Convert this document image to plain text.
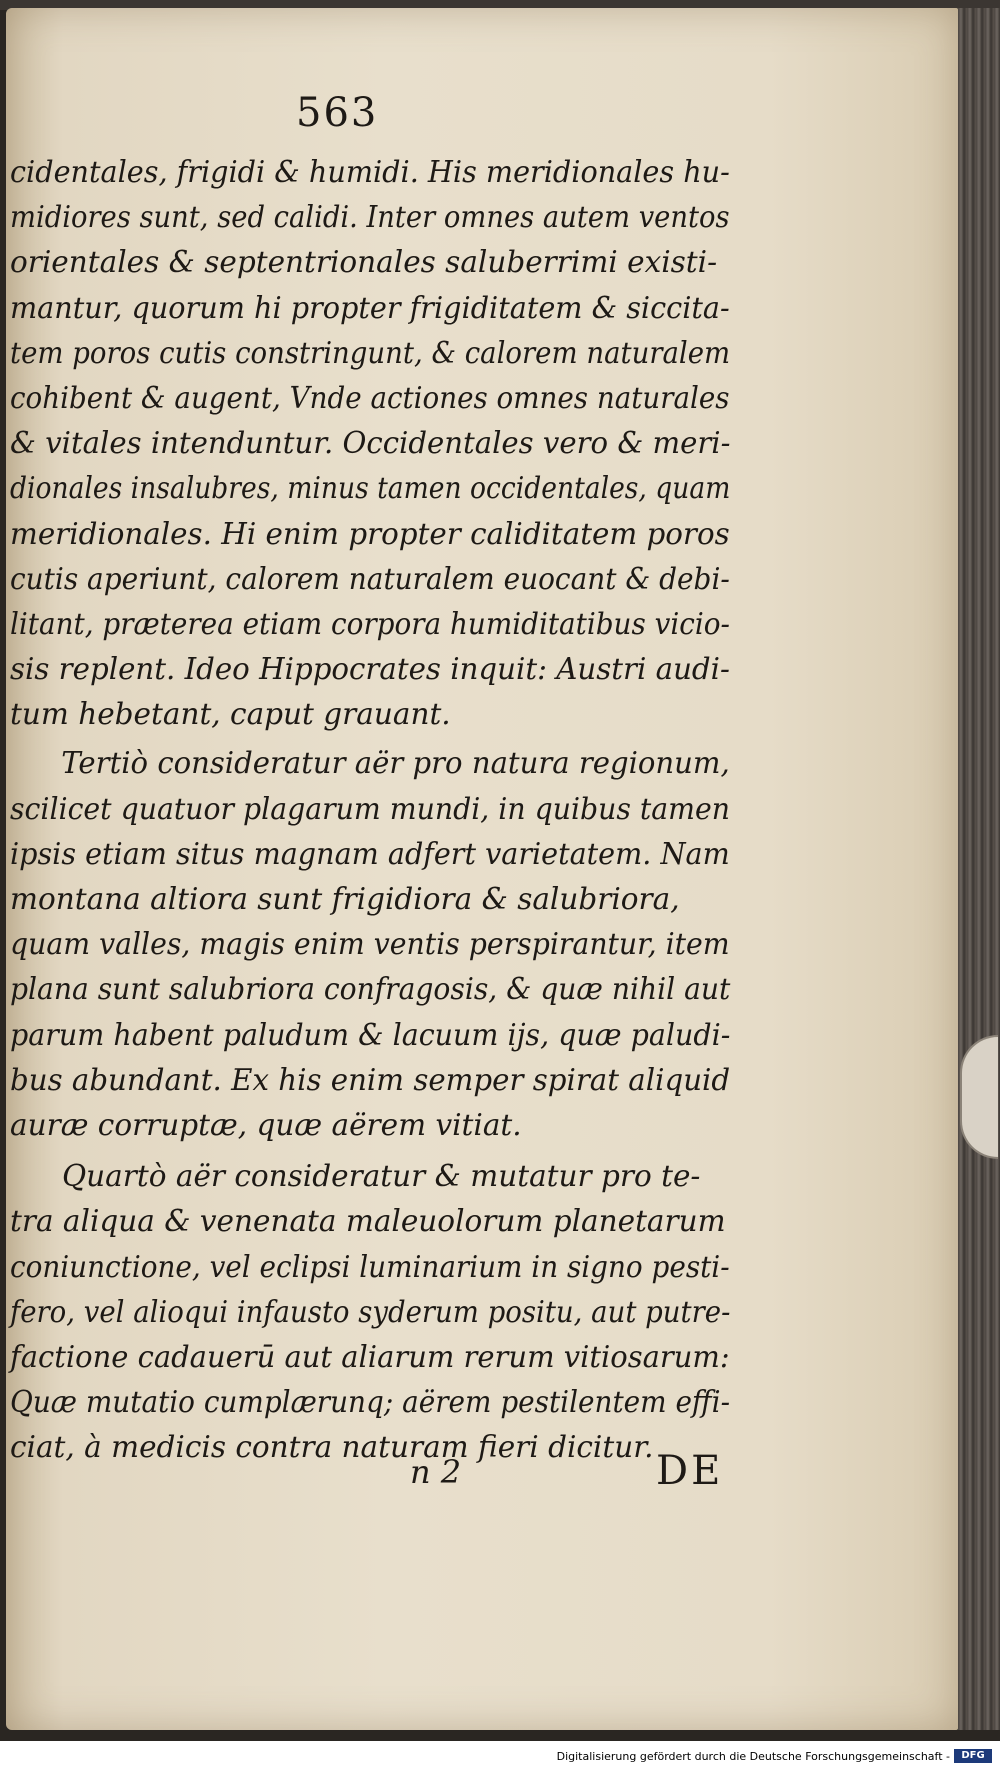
563
cidentales, frigidi & humidi. His meridionales hu-
midiores sunt, sed calidi. Inter omnes autem ventos
orientales & septentrionales saluberrimi existi-
mantur, quorum hi propter frigiditatem & siccita-
tem poros cutis constringunt, & calorem naturalem
cohibent & augent, Vnde actiones omnes naturales
& vitales intenduntur. Occidentales vero & meri-
dionales insalubres, minus tamen occidentales, quam
meridionales. Hi enim propter caliditatem poros
cutis aperiunt, calorem naturalem euocant & debi-
litant, præterea etiam corpora humiditatibus vicio-
sis replent. Ideo Hippocrates inquit: Austri audi-
tum hebetant, caput grauant.
Tertiò consideratur aër pro natura regionum,
scilicet quatuor plagarum mundi, in quibus tamen
ipsis etiam situs magnam adfert varietatem. Nam
montana altiora sunt frigidiora & salubriora,
quam valles, magis enim ventis perspirantur, item
plana sunt salubriora confragosis, & quæ nihil aut
parum habent paludum & lacuum ijs, quæ paludi-
bus abundant. Ex his enim semper spirat aliquid
auræ corruptæ, quæ aërem vitiat.
Quartò aër consideratur & mutatur pro te-
tra aliqua & venenata maleuolorum planetarum
coniunctione, vel eclipsi luminarium in signo pesti-
fero, vel alioqui infausto syderum positu, aut putre-
factione cadauerū aut aliarum rerum vitiosarum:
Quæ mutatio cumplærunq; aërem pestilentem effi-
ciat, à medicis contra naturam fieri dicitur.
n 2	DE
Digitalisierung gefördert durch die Deutsche Forschungsgemeinschaft -	DFG
